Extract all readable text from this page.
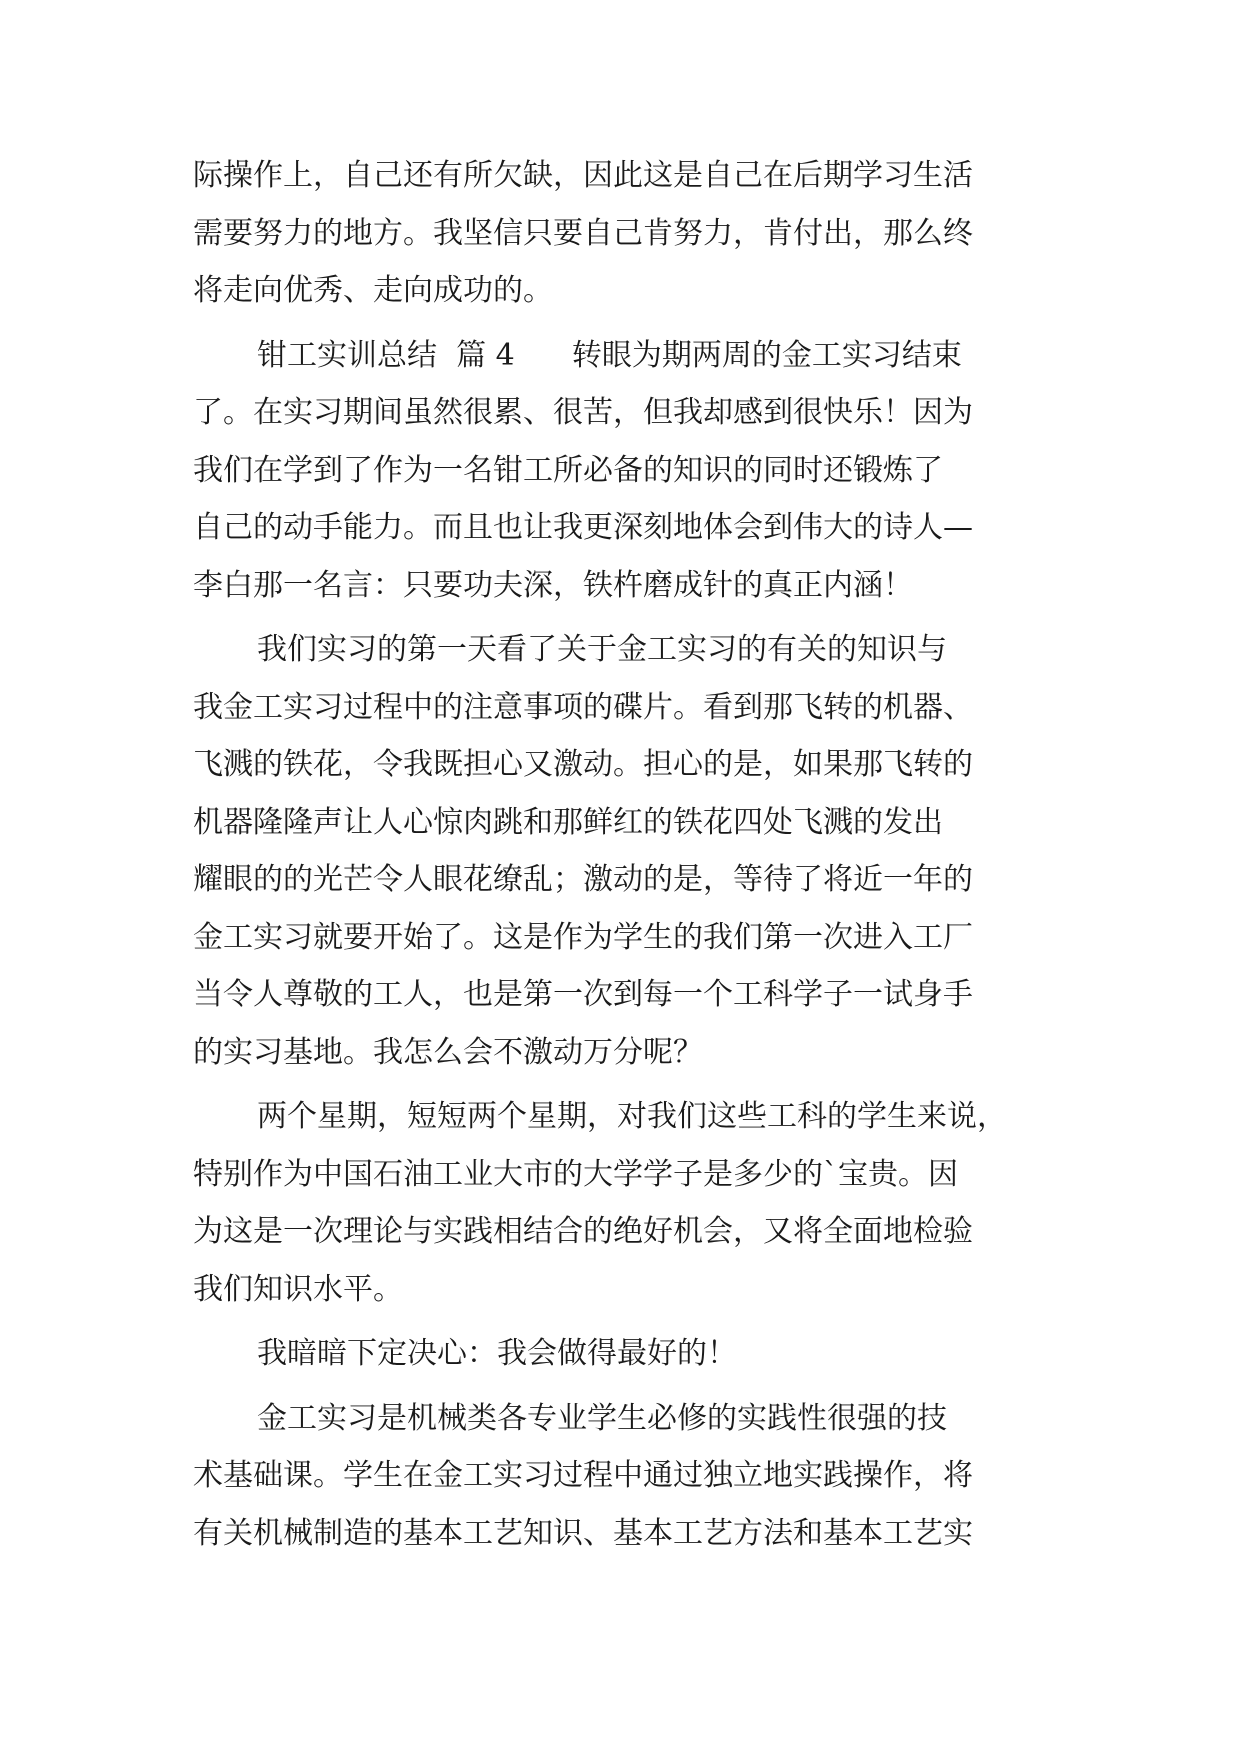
际操作上，自己还有所欠缺，因此这是自己在后期学习生活
需要努力的地方。我坚信只要自己肯努力，肯付出，那么终
将走向优秀、走向成功的。
钳工实训总结  篇 4      转眼为期两周的金工实习结束
了。在实习期间虽然很累、很苦，但我却感到很快乐！因为
我们在学到了作为一名钳工所必备的知识的同时还锻炼了
自己的动手能力。而且也让我更深刻地体会到伟大的诗人—
李白那一名言：只要功夫深，铁杵磨成针的真正内涵！
我们实习的第一天看了关于金工实习的有关的知识与
我金工实习过程中的注意事项的碟片。看到那飞转的机器、
飞溅的铁花，令我既担心又激动。担心的是，如果那飞转的
机器隆隆声让人心惊肉跳和那鲜红的铁花四处飞溅的发出
耀眼的的光芒令人眼花缭乱；激动的是，等待了将近一年的
金工实习就要开始了。这是作为学生的我们第一次进入工厂
当令人尊敬的工人，也是第一次到每一个工科学子一试身手
的实习基地。我怎么会不激动万分呢？
两个星期，短短两个星期，对我们这些工科的学生来说，
特别作为中国石油工业大市的大学学子是多少的`宝贵。因
为这是一次理论与实践相结合的绝好机会，又将全面地检验
我们知识水平。
我暗暗下定决心：我会做得最好的！
金工实习是机械类各专业学生必修的实践性很强的技
术基础课。学生在金工实习过程中通过独立地实践操作，将
有关机械制造的基本工艺知识、基本工艺方法和基本工艺实
